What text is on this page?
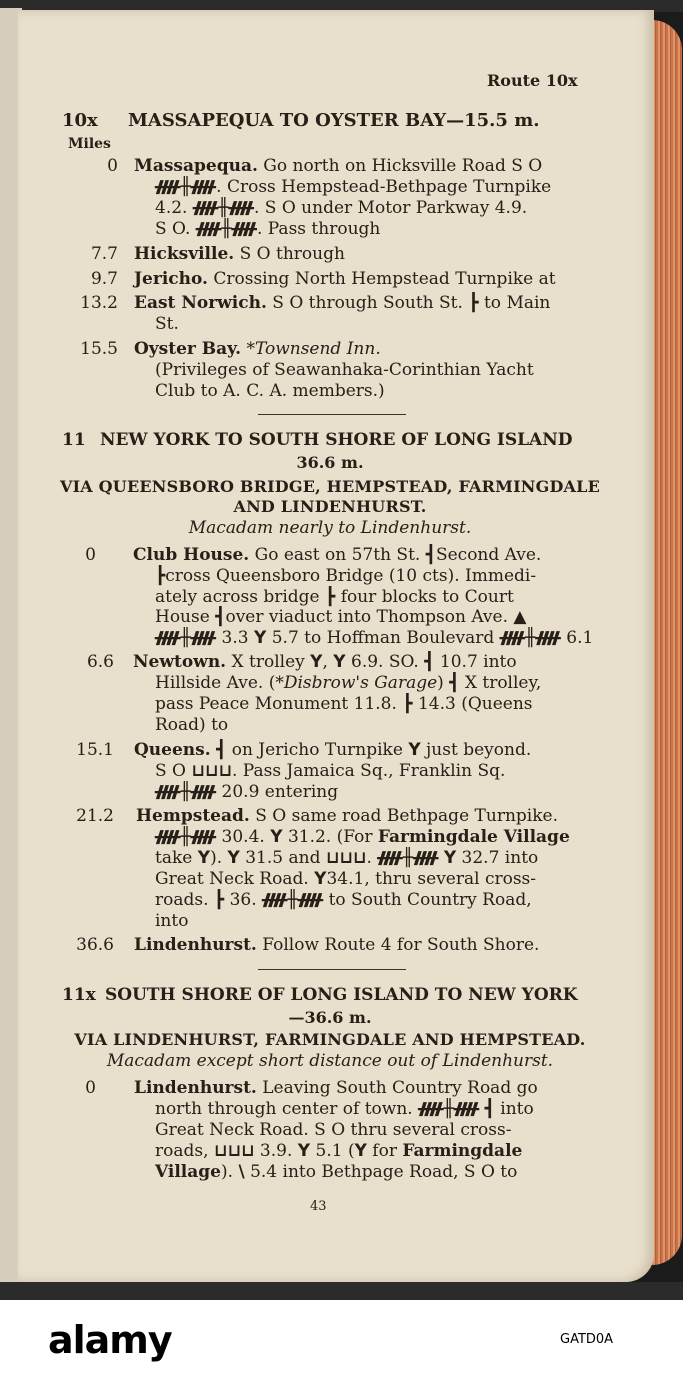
Route 10x
10x MASSAPEQUA TO OYSTER BAY—15.5 m.
Miles
0 Massapequa. Go north on Hicksville Road S O
ᚎ╫ᚎ. Cross Hempstead-Bethpage Turnpike
4.2. ᚎ╫ᚎ. S O under Motor Parkway 4.9.
S O. ᚎ╫ᚎ. Pass through
7.7 Hicksville. S O through
9.7 Jericho. Crossing North Hempstead Turnpike at
13.2 East Norwich. S O through South St. ┣ to Main
St.
15.5 Oyster Bay. *Townsend Inn.
(Privileges of Seawanhaka-Corinthian Yacht
Club to A. C. A. members.)
11 NEW YORK TO SOUTH SHORE OF LONG ISLAND
36.6 m.
VIA QUEENSBORO BRIDGE, HEMPSTEAD, FARMINGDALE
AND LINDENHURST.
Macadam nearly to Lindenhurst.
0 Club House. Go east on 57th St. ┫Second Ave.
┣cross Queensboro Bridge (10 cts). Immedi-
ately across bridge ┣ four blocks to Court
House ┫over viaduct into Thompson Ave. ▲
ᚎ╫ᚎ 3.3 Y 5.7 to Hoffman Boulevard ᚎ╫ᚎ 6.1
6.6 Newtown. X trolley Y, Y 6.9. SO. ┫ 10.7 into
Hillside Ave. (*Disbrow's Garage) ┫ X trolley,
pass Peace Monument 11.8. ┣ 14.3 (Queens
Road) to
15.1 Queens. ┫ on Jericho Turnpike Y just beyond.
S O ⊔⊔⊔. Pass Jamaica Sq., Franklin Sq.
ᚎ╫ᚎ 20.9 entering
21.2 Hempstead. S O same road Bethpage Turnpike.
ᚎ╫ᚎ 30.4. Y 31.2. (For Farmingdale Village
take Y). Y 31.5 and ⊔⊔⊔. ᚎ╫ᚎ Y 32.7 into
Great Neck Road. Y34.1, thru several cross-
roads. ┣ 36. ᚎ╫ᚎ to South Country Road,
into
36.6 Lindenhurst. Follow Route 4 for South Shore.
11x SOUTH SHORE OF LONG ISLAND TO NEW YORK
—36.6 m.
VIA LINDENHURST, FARMINGDALE AND HEMPSTEAD.
Macadam except short distance out of Lindenhurst.
0 Lindenhurst. Leaving South Country Road go
north through center of town. ᚎ╫ᚎ ┫ into
Great Neck Road. S O thru several cross-
roads, ⊔⊔⊔ 3.9. Y 5.1 (Y for Farmingdale
Village). \ 5.4 into Bethpage Road, S O to
43
alamy	GATD0A
